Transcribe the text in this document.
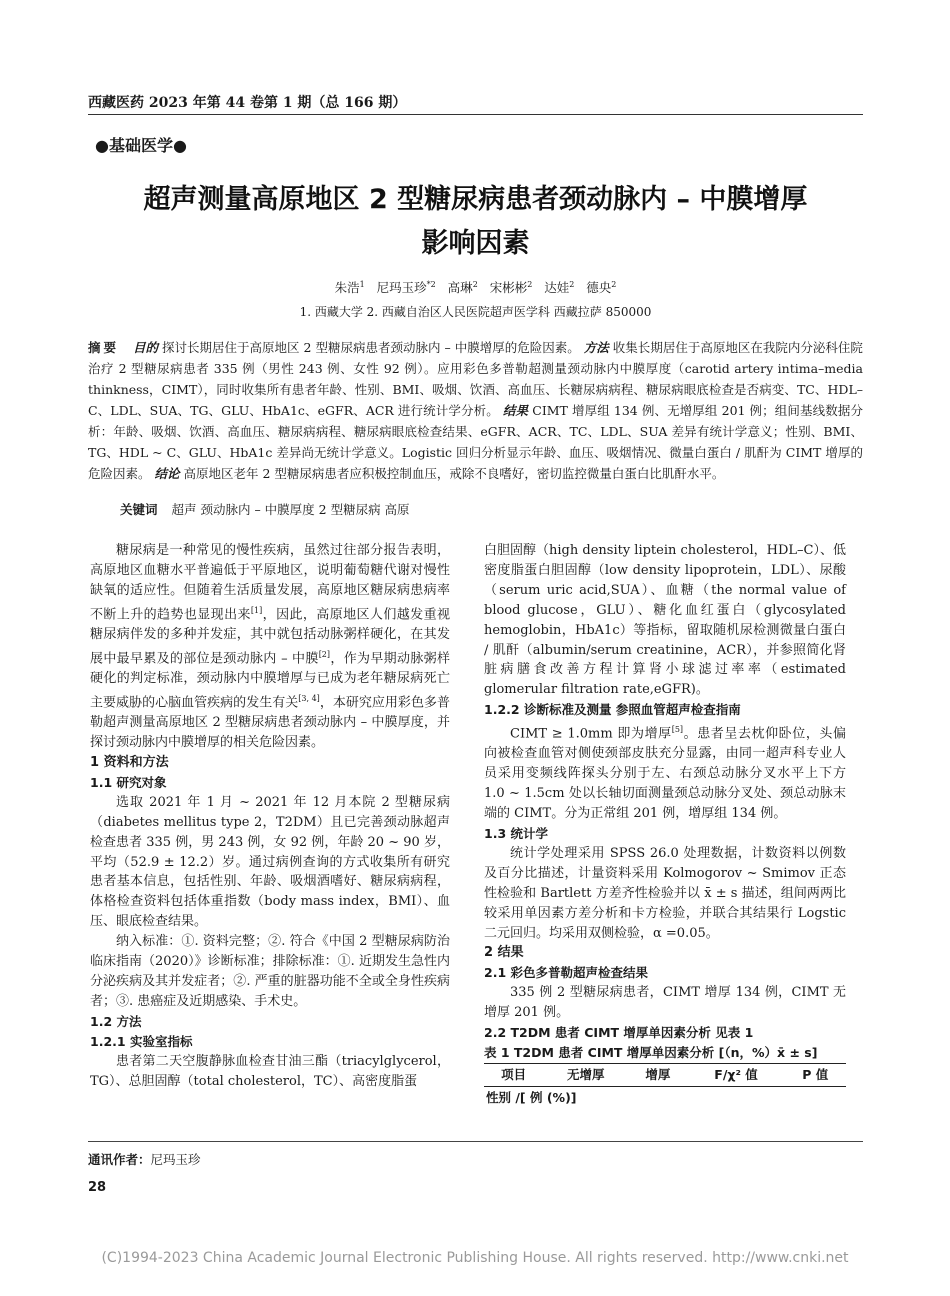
西藏医药 2023 年第 44 卷第 1 期（总 166 期）
●基础医学●
超声测量高原地区 2 型糖尿病患者颈动脉内 – 中膜增厚
影响因素
朱浩$^1$ 尼玛玉珍$^{*2}$ 高琳$^2$ 宋彬彬$^2$ 达娃$^2$ 德央$^2$
1. 西藏大学 2. 西藏自治区人民医院超声医学科 西藏拉萨 850000
摘要 目的 探讨长期居住于高原地区 2 型糖尿病患者颈动脉内 – 中膜增厚的危险因素。 方法 收集长期居住于高原地区在我院内分泌科住院治疗 2 型糖尿病患者 335 例（男性 243 例、女性 92 例）。应用彩色多普勒超测量颈动脉内中膜厚度（carotid artery intima–media thinkness，CIMT），同时收集所有患者年龄、性别、BMI、吸烟、饮酒、高血压、长糖尿病病程、糖尿病眼底检查是否病变、TC、HDL–C、LDL、SUA、TG、GLU、HbA1c、eGFR、ACR 进行统计学分析。 结果 CIMT 增厚组 134 例、无增厚组 201 例；组间基线数据分析：年龄、吸烟、饮酒、高血压、糖尿病病程、糖尿病眼底检查结果、eGFR、ACR、TC、LDL、SUA 差异有统计学意义；性别、BMI、TG、HDL ~ C、GLU、HbA1c 差异尚无统计学意义。Logistic 回归分析显示年龄、血压、吸烟情况、微量白蛋白 / 肌酐为 CIMT 增厚的危险因素。 结论 高原地区老年 2 型糖尿病患者应积极控制血压，戒除不良嗜好，密切监控微量白蛋白比肌酐水平。
关键词 超声 颈动脉内 – 中膜厚度 2 型糖尿病 高原

糖尿病是一种常见的慢性疾病，虽然过往部分报告表明，高原地区血糖水平普遍低于平原地区，说明葡萄糖代谢对慢性缺氧的适应性。但随着生活质量发展，高原地区糖尿病患病率不断上升的趋势也显现出来[1]，因此，高原地区人们越发重视糖尿病伴发的多种并发症，其中就包括动脉粥样硬化，在其发展中最早累及的部位是颈动脉内 – 中膜[2]，作为早期动脉粥样硬化的判定标准，颈动脉内中膜增厚与已成为老年糖尿病死亡主要威胁的心脑血管疾病的发生有关[3, 4]，本研究应用彩色多普勒超声测量高原地区 2 型糖尿病患者颈动脉内 – 中膜厚度，并探讨颈动脉内中膜增厚的相关危险因素。

1 资料和方法

1.1 研究对象

选取 2021 年 1 月 ~ 2021 年 12 月本院 2 型糖尿病（diabetes mellitus type 2，T2DM）且已完善颈动脉超声检查患者 335 例，男 243 例，女 92 例，年龄 20 ~ 90 岁，平均（52.9 ± 12.2）岁。通过病例查询的方式收集所有研究患者基本信息，包括性别、年龄、吸烟酒嗜好、糖尿病病程，体格检查资料包括体重指数（body mass index，BMI）、血压、眼底检查结果。

纳入标准：①. 资料完整；②. 符合《中国 2 型糖尿病防治临床指南（2020）》诊断标准；排除标准：①. 近期发生急性内分泌疾病及其并发症者；②. 严重的脏器功能不全或全身性疾病者；③. 患癌症及近期感染、手术史。

1.2 方法

1.2.1 实验室指标

患者第二天空腹静脉血检查甘油三酯（triacylglycerol，TG）、总胆固醇（total cholesterol，TC）、高密度脂蛋

白胆固醇（high density liptein cholesterol，HDL–C）、低密度脂蛋白胆固醇（low density lipoprotein，LDL）、尿酸（serum uric acid,SUA）、血糖（the normal value of blood glucose，GLU）、糖化血红蛋白（glycosylated hemoglobin，HbA1c）等指标，留取随机尿检测微量白蛋白 / 肌酐（albumin/serum creatinine，ACR），并参照简化肾脏病膳食改善方程计算肾小球滤过率率（estimated glomerular filtration rate,eGFR)。

1.2.2 诊断标准及测量 参照血管超声检查指南

CIMT ≥ 1.0mm 即为增厚[5]。患者呈去枕仰卧位，头偏向被检查血管对侧使颈部皮肤充分显露，由同一超声科专业人员采用变频线阵探头分别于左、右颈总动脉分叉水平上下方 1.0 ~ 1.5cm 处以长轴切面测量颈总动脉分叉处、颈总动脉末端的 CIMT。分为正常组 201 例，增厚组 134 例。

1.3 统计学

统计学处理采用 SPSS 26.0 处理数据，计数资料以例数及百分比描述，计量资料采用 Kolmogorov ~ Smimov 正态性检验和 Bartlett 方差齐性检验并以 x̄ ± s 描述，组间两两比较采用单因素方差分析和卡方检验，并联合其结果行 Logstic 二元回归。均采用双侧检验，α =0.05。

2 结果

2.1 彩色多普勒超声检查结果

335 例 2 型糖尿病患者，CIMT 增厚 134 例，CIMT 无增厚 201 例。

2.2 T2DM 患者 CIMT 增厚单因素分析 见表 1

表 1 T2DM 患者 CIMT 增厚单因素分析 [（n，%）x̄ ± s]
项目	无增厚	增厚	F/χ² 值	P 值
性别 /[ 例 (%)]
通讯作者：尼玛玉珍
28
(C)1994-2023 China Academic Journal Electronic Publishing House. All rights reserved. http://www.cnki.net
